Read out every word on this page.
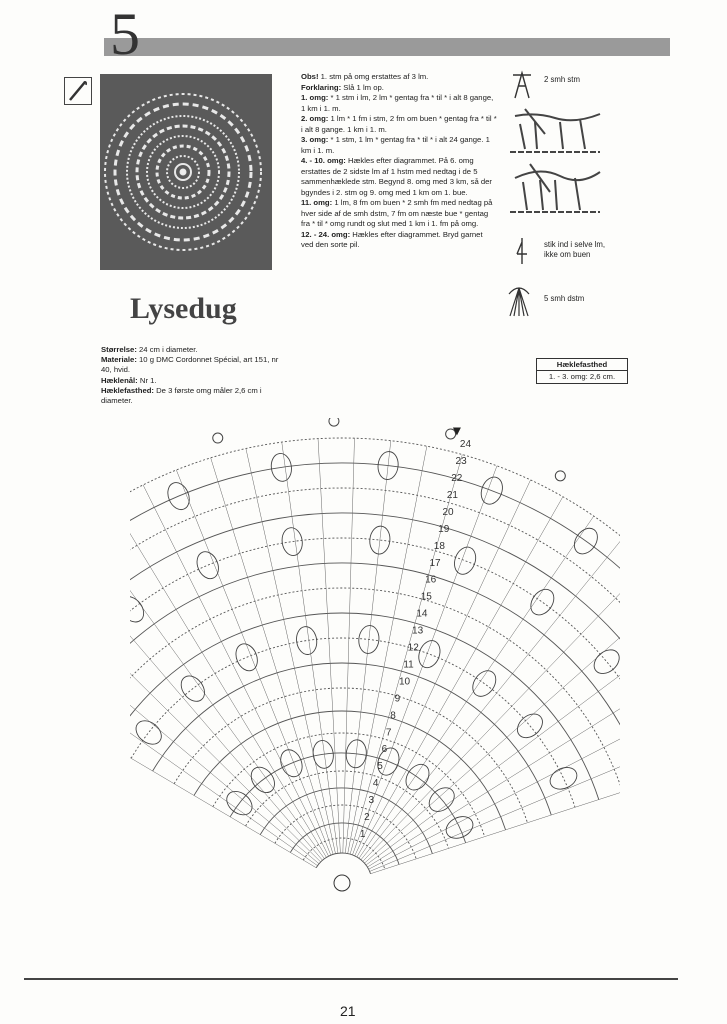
5
Lysedug

Obs! 1. stm på omg erstattes af 3 lm.

Forklaring: Slå 1 lm op.

1. omg: * 1 stm i lm, 2 lm * gentag fra * til * i alt 8 gange, 1 km i 1. m.

2. omg: 1 lm * 1 fm i stm, 2 fm om buen * gentag fra * til * i alt 8 gange. 1 km i 1. m.

3. omg: * 1 stm, 1 lm * gentag fra * til * i alt 24 gange. 1 km i 1. m.

4. - 10. omg: Hækles efter diagrammet. På 6. omg erstattes de 2 sidste lm af 1 hstm med nedtag i de 5 sammenhæklede stm. Begynd 8. omg med 3 km, så der bgyndes i 2. stm og 9. omg med 1 km om 1. bue.

11. omg: 1 lm, 8 fm om buen * 2 smh fm med nedtag på hver side af de smh dstm, 7 fm om næste bue * gentag fra * til * omg rundt og slut med 1 km i 1. fm på omg.

12. - 24. omg: Hækles efter diagrammet. Bryd garnet ved den sorte pil.

2 smh stm
stik ind i selve lm,
ikke om buen
5 smh dstm

Størrelse: 24 cm i diameter.

Materiale: 10 g DMC Cordonnet Spécial, art 151, nr 40, hvid.

Hæklenål: Nr 1.

Hæklefasthed: De 3 første omg måler 2,6 cm i diameter.

Hæklefasthed
1. - 3. omg: 2,6 cm.
24
23
22
21
20
19
18
17
16
15
14
13
12
11
10
9
8
7
6
5
4
3
2
1
21
